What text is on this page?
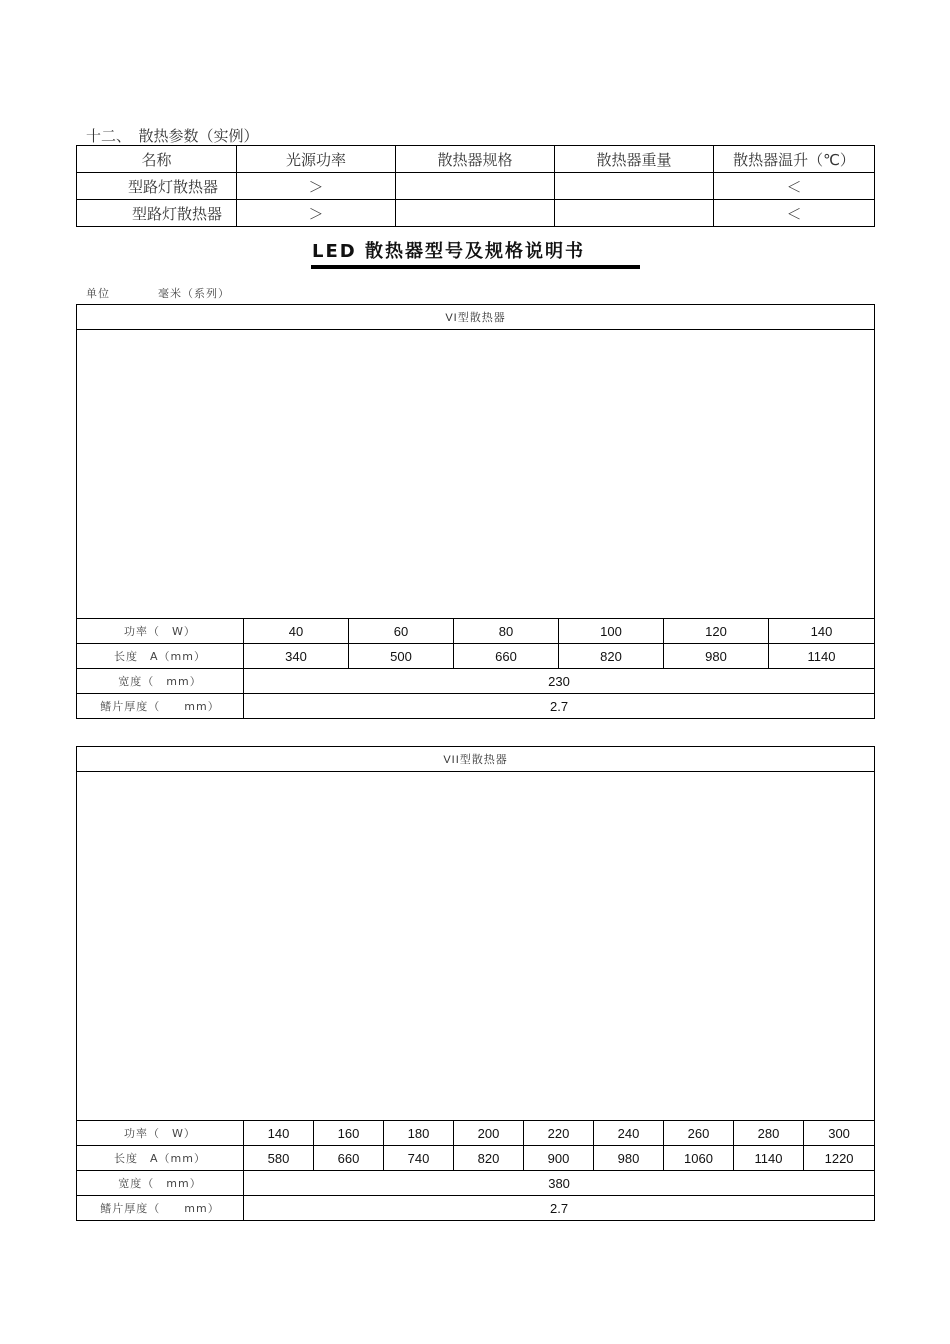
十二、　散热参数（实例）
名称	光源功率	散热器规格	散热器重量	散热器温升（℃）
型路灯散热器	＞			＜
型路灯散热器	＞			＜
LED 散热器型号及规格说明书
单位　　　　毫米（系列）
VI型散热器						

功率（　W）	40	60	80	100	120	140
长度　A（mm）	340	500	660	820	980	1140
宽度（　mm）	230					
鳍片厚度（　　mm）	2.7					
VII型散热器									

功率（　W）	140	160	180	200	220	240	260	280	300
长度　A（mm）	580	660	740	820	900	980	1060	1140	1220
宽度（　mm）	380								
鳍片厚度（　　mm）	2.7								
